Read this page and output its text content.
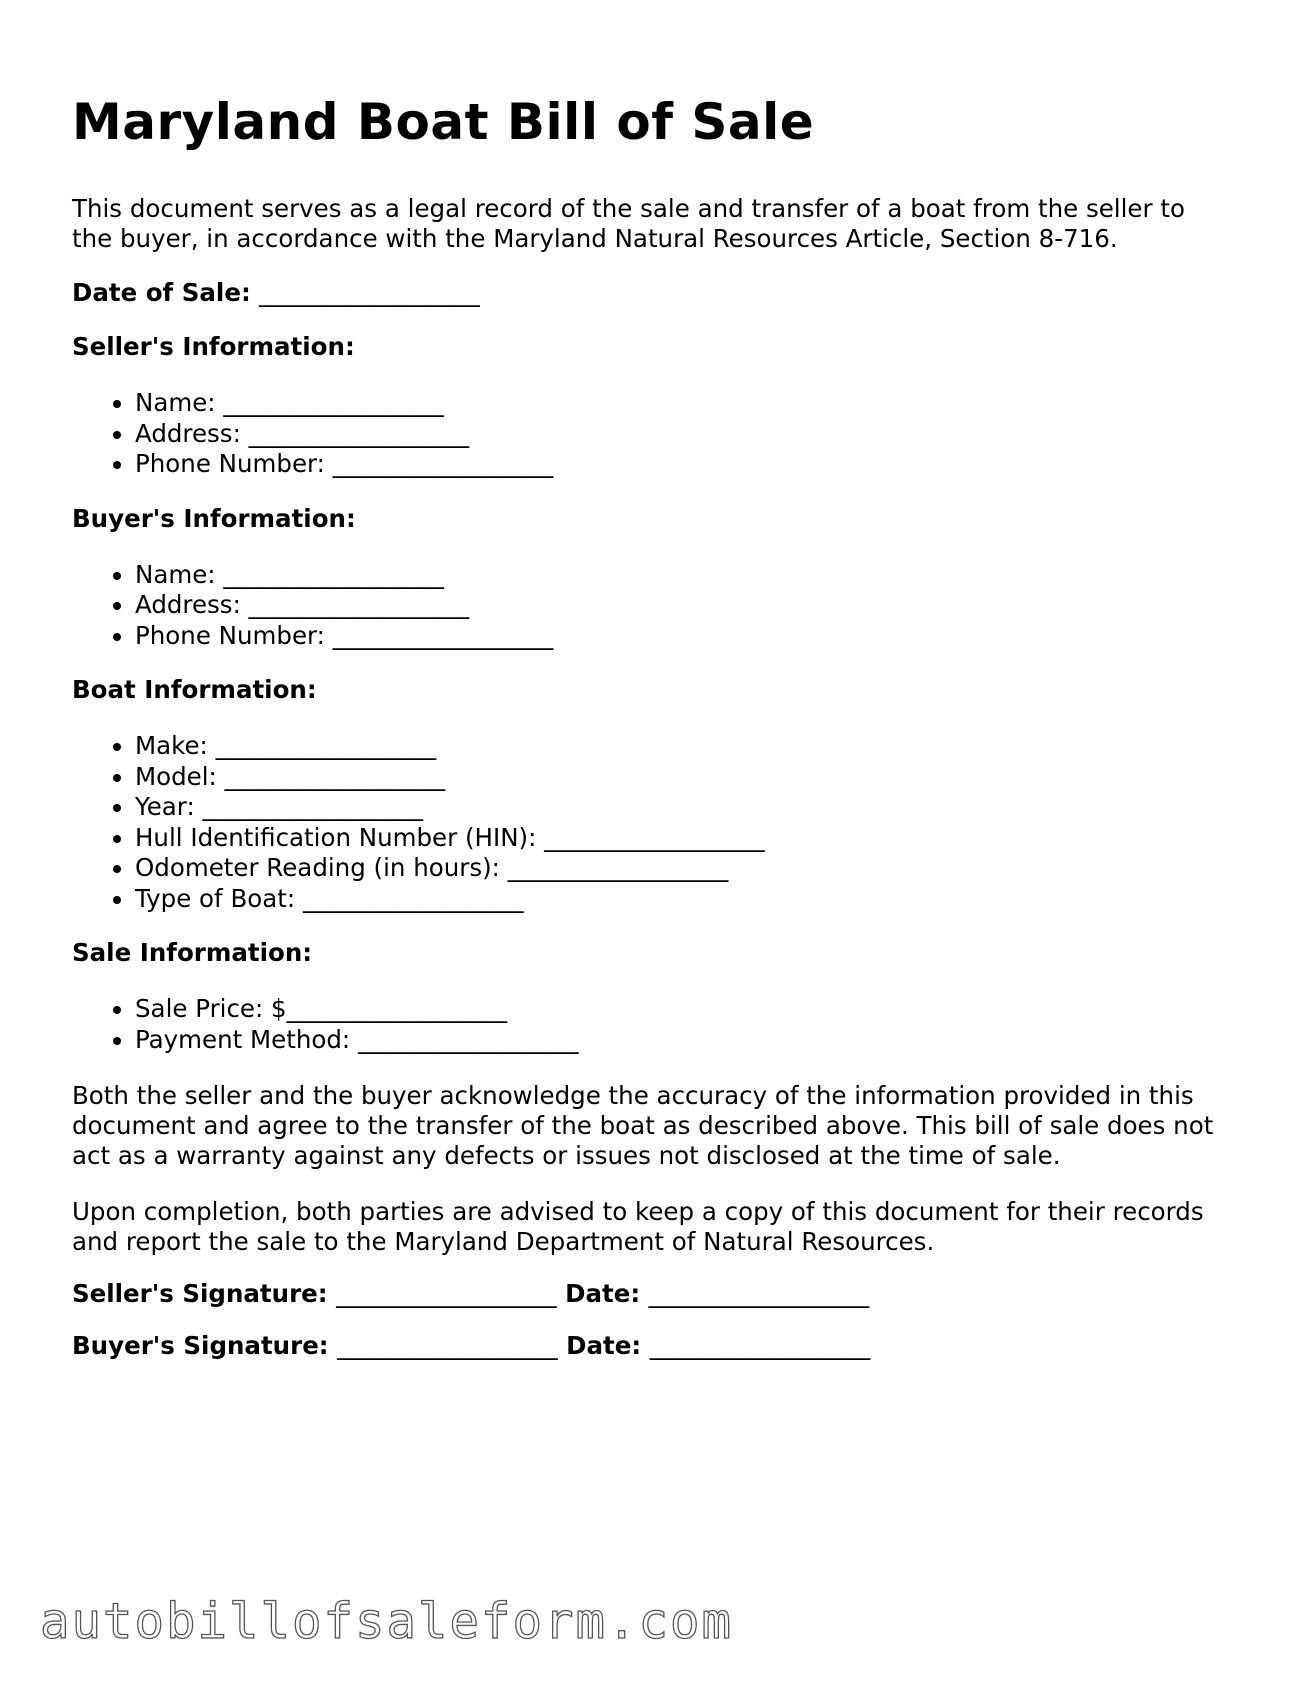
Maryland Boat Bill of Sale

This document serves as a legal record of the sale and transfer of a boat from the seller to the buyer, in accordance with the Maryland Natural Resources Article, Section 8-716.

Date of Sale: __________________

Seller's Information:

• Name: __________________
• Address: __________________
• Phone Number: __________________

Buyer's Information:

• Name: __________________
• Address: __________________
• Phone Number: __________________

Boat Information:

• Make: __________________
• Model: __________________
• Year: __________________
• Hull Identification Number (HIN): __________________
• Odometer Reading (in hours): __________________
• Type of Boat: __________________

Sale Information:

• Sale Price: $__________________
• Payment Method: __________________

Both the seller and the buyer acknowledge the accuracy of the information provided in this document and agree to the transfer of the boat as described above. This bill of sale does not act as a warranty against any defects or issues not disclosed at the time of sale.

Upon completion, both parties are advised to keep a copy of this document for their records and report the sale to the Maryland Department of Natural Resources.

Seller's Signature: __________________ Date: __________________

Buyer's Signature: __________________ Date: __________________

autobillofsaleform.com
